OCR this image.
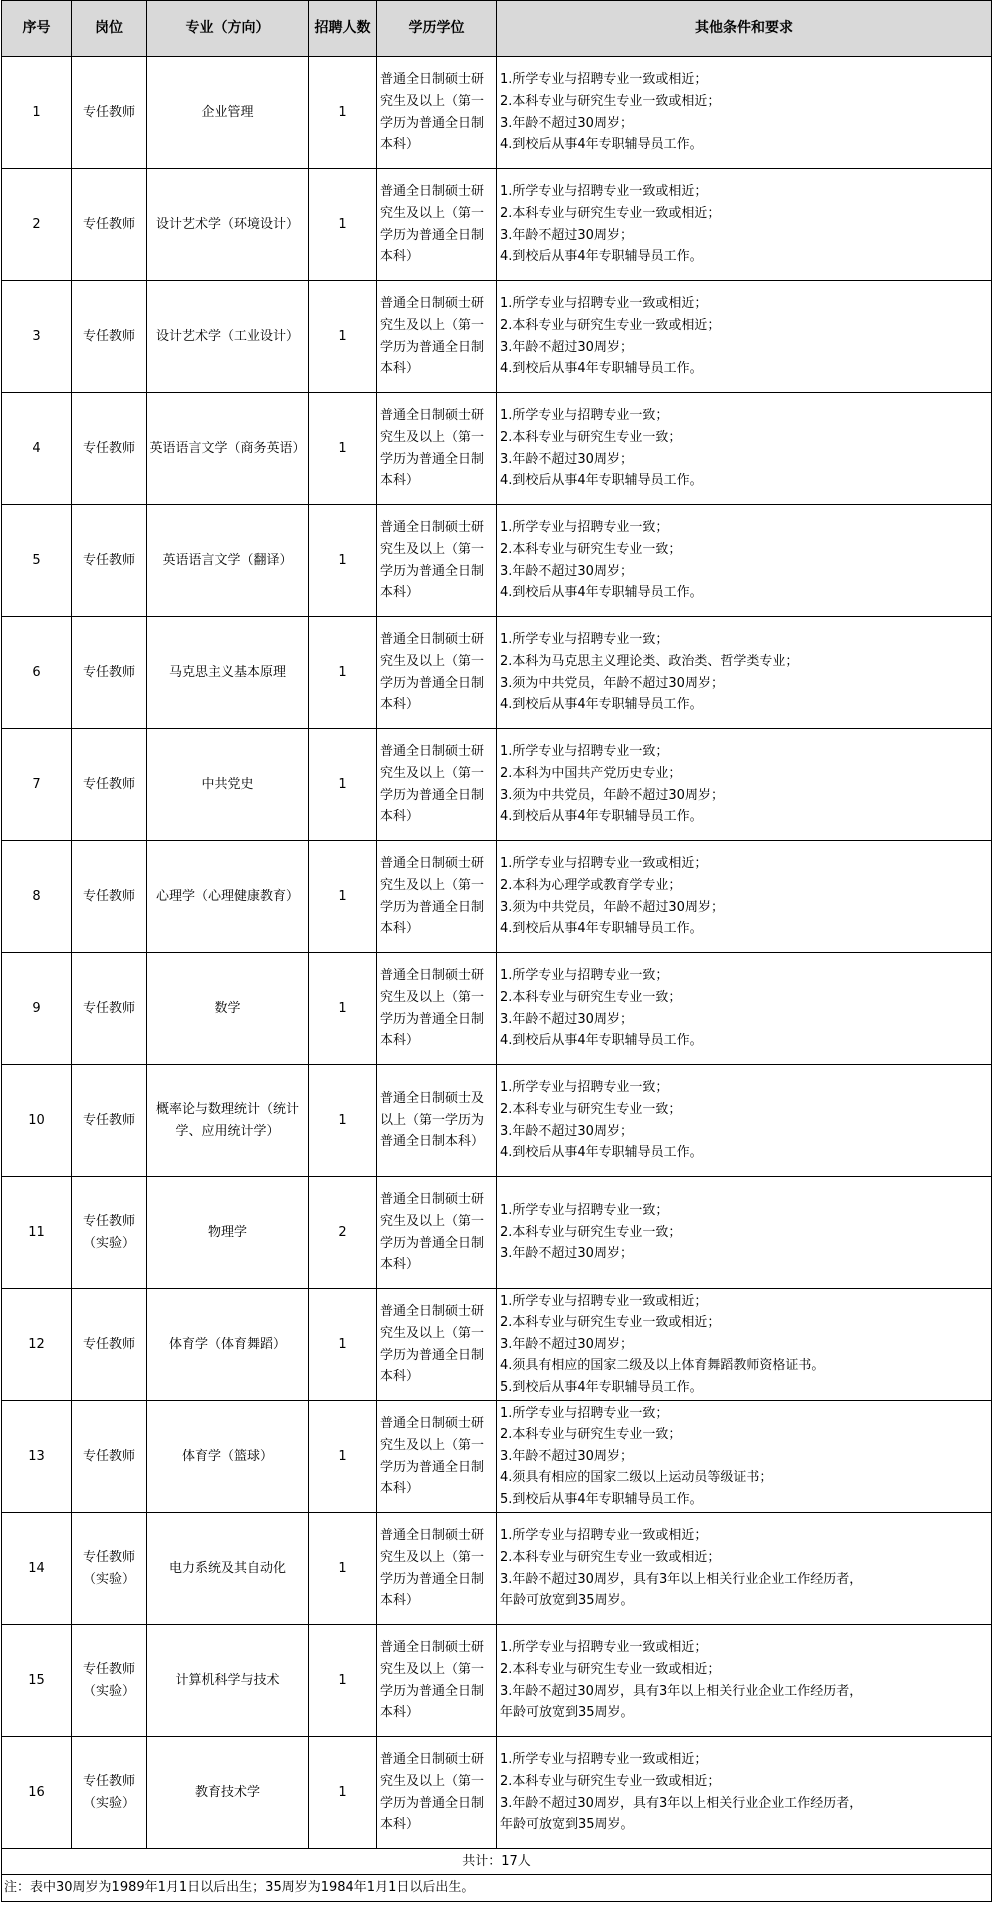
序号	岗位	专业（方向）	招聘人数	学历学位	其他条件和要求
1	专任教师	企业管理	1	普通全日制硕士研究生及以上（第一学历为普通全日制本科）	1.所学专业与招聘专业一致或相近；
2.本科专业与研究生专业一致或相近；
3.年龄不超过30周岁；
4.到校后从事4年专职辅导员工作。

2	专任教师	设计艺术学（环境设计）	1	普通全日制硕士研究生及以上（第一学历为普通全日制本科）	1.所学专业与招聘专业一致或相近；
2.本科专业与研究生专业一致或相近；
3.年龄不超过30周岁；
4.到校后从事4年专职辅导员工作。

3	专任教师	设计艺术学（工业设计）	1	普通全日制硕士研究生及以上（第一学历为普通全日制本科）	1.所学专业与招聘专业一致或相近；
2.本科专业与研究生专业一致或相近；
3.年龄不超过30周岁；
4.到校后从事4年专职辅导员工作。

4	专任教师	英语语言文学（商务英语）	1	普通全日制硕士研究生及以上（第一学历为普通全日制本科）	1.所学专业与招聘专业一致；
2.本科专业与研究生专业一致；
3.年龄不超过30周岁；
4.到校后从事4年专职辅导员工作。

5	专任教师	英语语言文学（翻译）	1	普通全日制硕士研究生及以上（第一学历为普通全日制本科）	1.所学专业与招聘专业一致；
2.本科专业与研究生专业一致；
3.年龄不超过30周岁；
4.到校后从事4年专职辅导员工作。

6	专任教师	马克思主义基本原理	1	普通全日制硕士研究生及以上（第一学历为普通全日制本科）	1.所学专业与招聘专业一致；
2.本科为马克思主义理论类、政治类、哲学类专业；
3.须为中共党员，年龄不超过30周岁；
4.到校后从事4年专职辅导员工作。

7	专任教师	中共党史	1	普通全日制硕士研究生及以上（第一学历为普通全日制本科）	1.所学专业与招聘专业一致；
2.本科为中国共产党历史专业；
3.须为中共党员，年龄不超过30周岁；
4.到校后从事4年专职辅导员工作。

8	专任教师	心理学（心理健康教育）	1	普通全日制硕士研究生及以上（第一学历为普通全日制本科）	1.所学专业与招聘专业一致或相近；
2.本科为心理学或教育学专业；
3.须为中共党员，年龄不超过30周岁；
4.到校后从事4年专职辅导员工作。

9	专任教师	数学	1	普通全日制硕士研究生及以上（第一学历为普通全日制本科）	1.所学专业与招聘专业一致；
2.本科专业与研究生专业一致；
3.年龄不超过30周岁；
4.到校后从事4年专职辅导员工作。

10	专任教师	概率论与数理统计（统计学、应用统计学）	1	普通全日制硕士及以上（第一学历为普通全日制本科）	1.所学专业与招聘专业一致；
2.本科专业与研究生专业一致；
3.年龄不超过30周岁；
4.到校后从事4年专职辅导员工作。

11	专任教师（实验）	物理学	2	普通全日制硕士研究生及以上（第一学历为普通全日制本科）	1.所学专业与招聘专业一致；
2.本科专业与研究生专业一致；
3.年龄不超过30周岁；

12	专任教师	体育学（体育舞蹈）	1	普通全日制硕士研究生及以上（第一学历为普通全日制本科）	1.所学专业与招聘专业一致或相近；
2.本科专业与研究生专业一致或相近；
3.年龄不超过30周岁；
4.须具有相应的国家二级及以上体育舞蹈教师资格证书。
5.到校后从事4年专职辅导员工作。

13	专任教师	体育学（篮球）	1	普通全日制硕士研究生及以上（第一学历为普通全日制本科）	1.所学专业与招聘专业一致；
2.本科专业与研究生专业一致；
3.年龄不超过30周岁；
4.须具有相应的国家二级以上运动员等级证书；
5.到校后从事4年专职辅导员工作。

14	专任教师（实验）	电力系统及其自动化	1	普通全日制硕士研究生及以上（第一学历为普通全日制本科）	1.所学专业与招聘专业一致或相近；
2.本科专业与研究生专业一致或相近；
3.年龄不超过30周岁，具有3年以上相关行业企业工作经历者，
年龄可放宽到35周岁。

15	专任教师（实验）	计算机科学与技术	1	普通全日制硕士研究生及以上（第一学历为普通全日制本科）	1.所学专业与招聘专业一致或相近；
2.本科专业与研究生专业一致或相近；
3.年龄不超过30周岁，具有3年以上相关行业企业工作经历者，
年龄可放宽到35周岁。

16	专任教师（实验）	教育技术学	1	普通全日制硕士研究生及以上（第一学历为普通全日制本科）	1.所学专业与招聘专业一致或相近；
2.本科专业与研究生专业一致或相近；
3.年龄不超过30周岁，具有3年以上相关行业企业工作经历者，
年龄可放宽到35周岁。

共计：17人					
注：表中30周岁为1989年1月1日以后出生；35周岁为1984年1月1日以后出生。					
